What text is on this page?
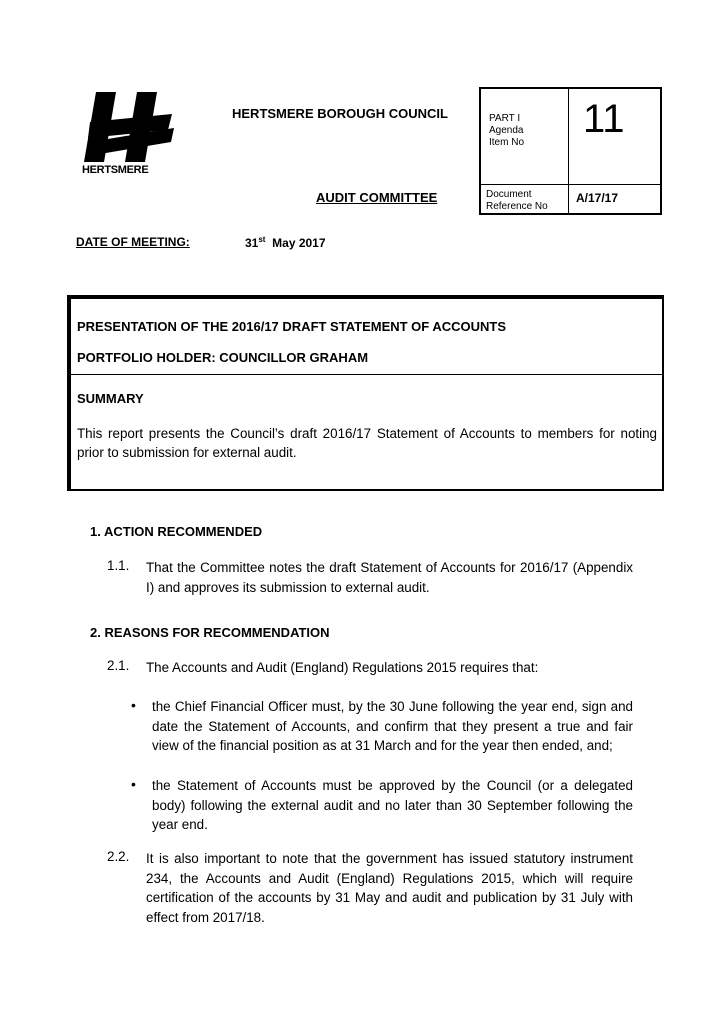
HERTSMERE
HERTSMERE BOROUGH COUNCIL
AUDIT COMMITTEE
PART I
Agenda
Item No
11
Document
Reference No
A/17/17
DATE OF MEETING:	31st May 2017
PRESENTATION OF THE 2016/17 DRAFT STATEMENT OF ACCOUNTS
PORTFOLIO HOLDER: COUNCILLOR GRAHAM
SUMMARY
This report presents the Council’s draft 2016/17 Statement of Accounts to members for noting prior to submission for external audit.
1. ACTION RECOMMENDED
1.1. That the Committee notes the draft Statement of Accounts for 2016/17 (Appendix I) and approves its submission to external audit.
2. REASONS FOR RECOMMENDATION
2.1. The Accounts and Audit (England) Regulations 2015 requires that:
• the Chief Financial Officer must, by the 30 June following the year end, sign and date the Statement of Accounts, and confirm that they present a true and fair view of the financial position as at 31 March and for the year then ended, and;
• the Statement of Accounts must be approved by the Council (or a delegated body) following the external audit and no later than 30 September following the year end.
2.2. It is also important to note that the government has issued statutory instrument 234, the Accounts and Audit (England) Regulations 2015, which will require certification of the accounts by 31 May and audit and publication by 31 July with effect from 2017/18.
